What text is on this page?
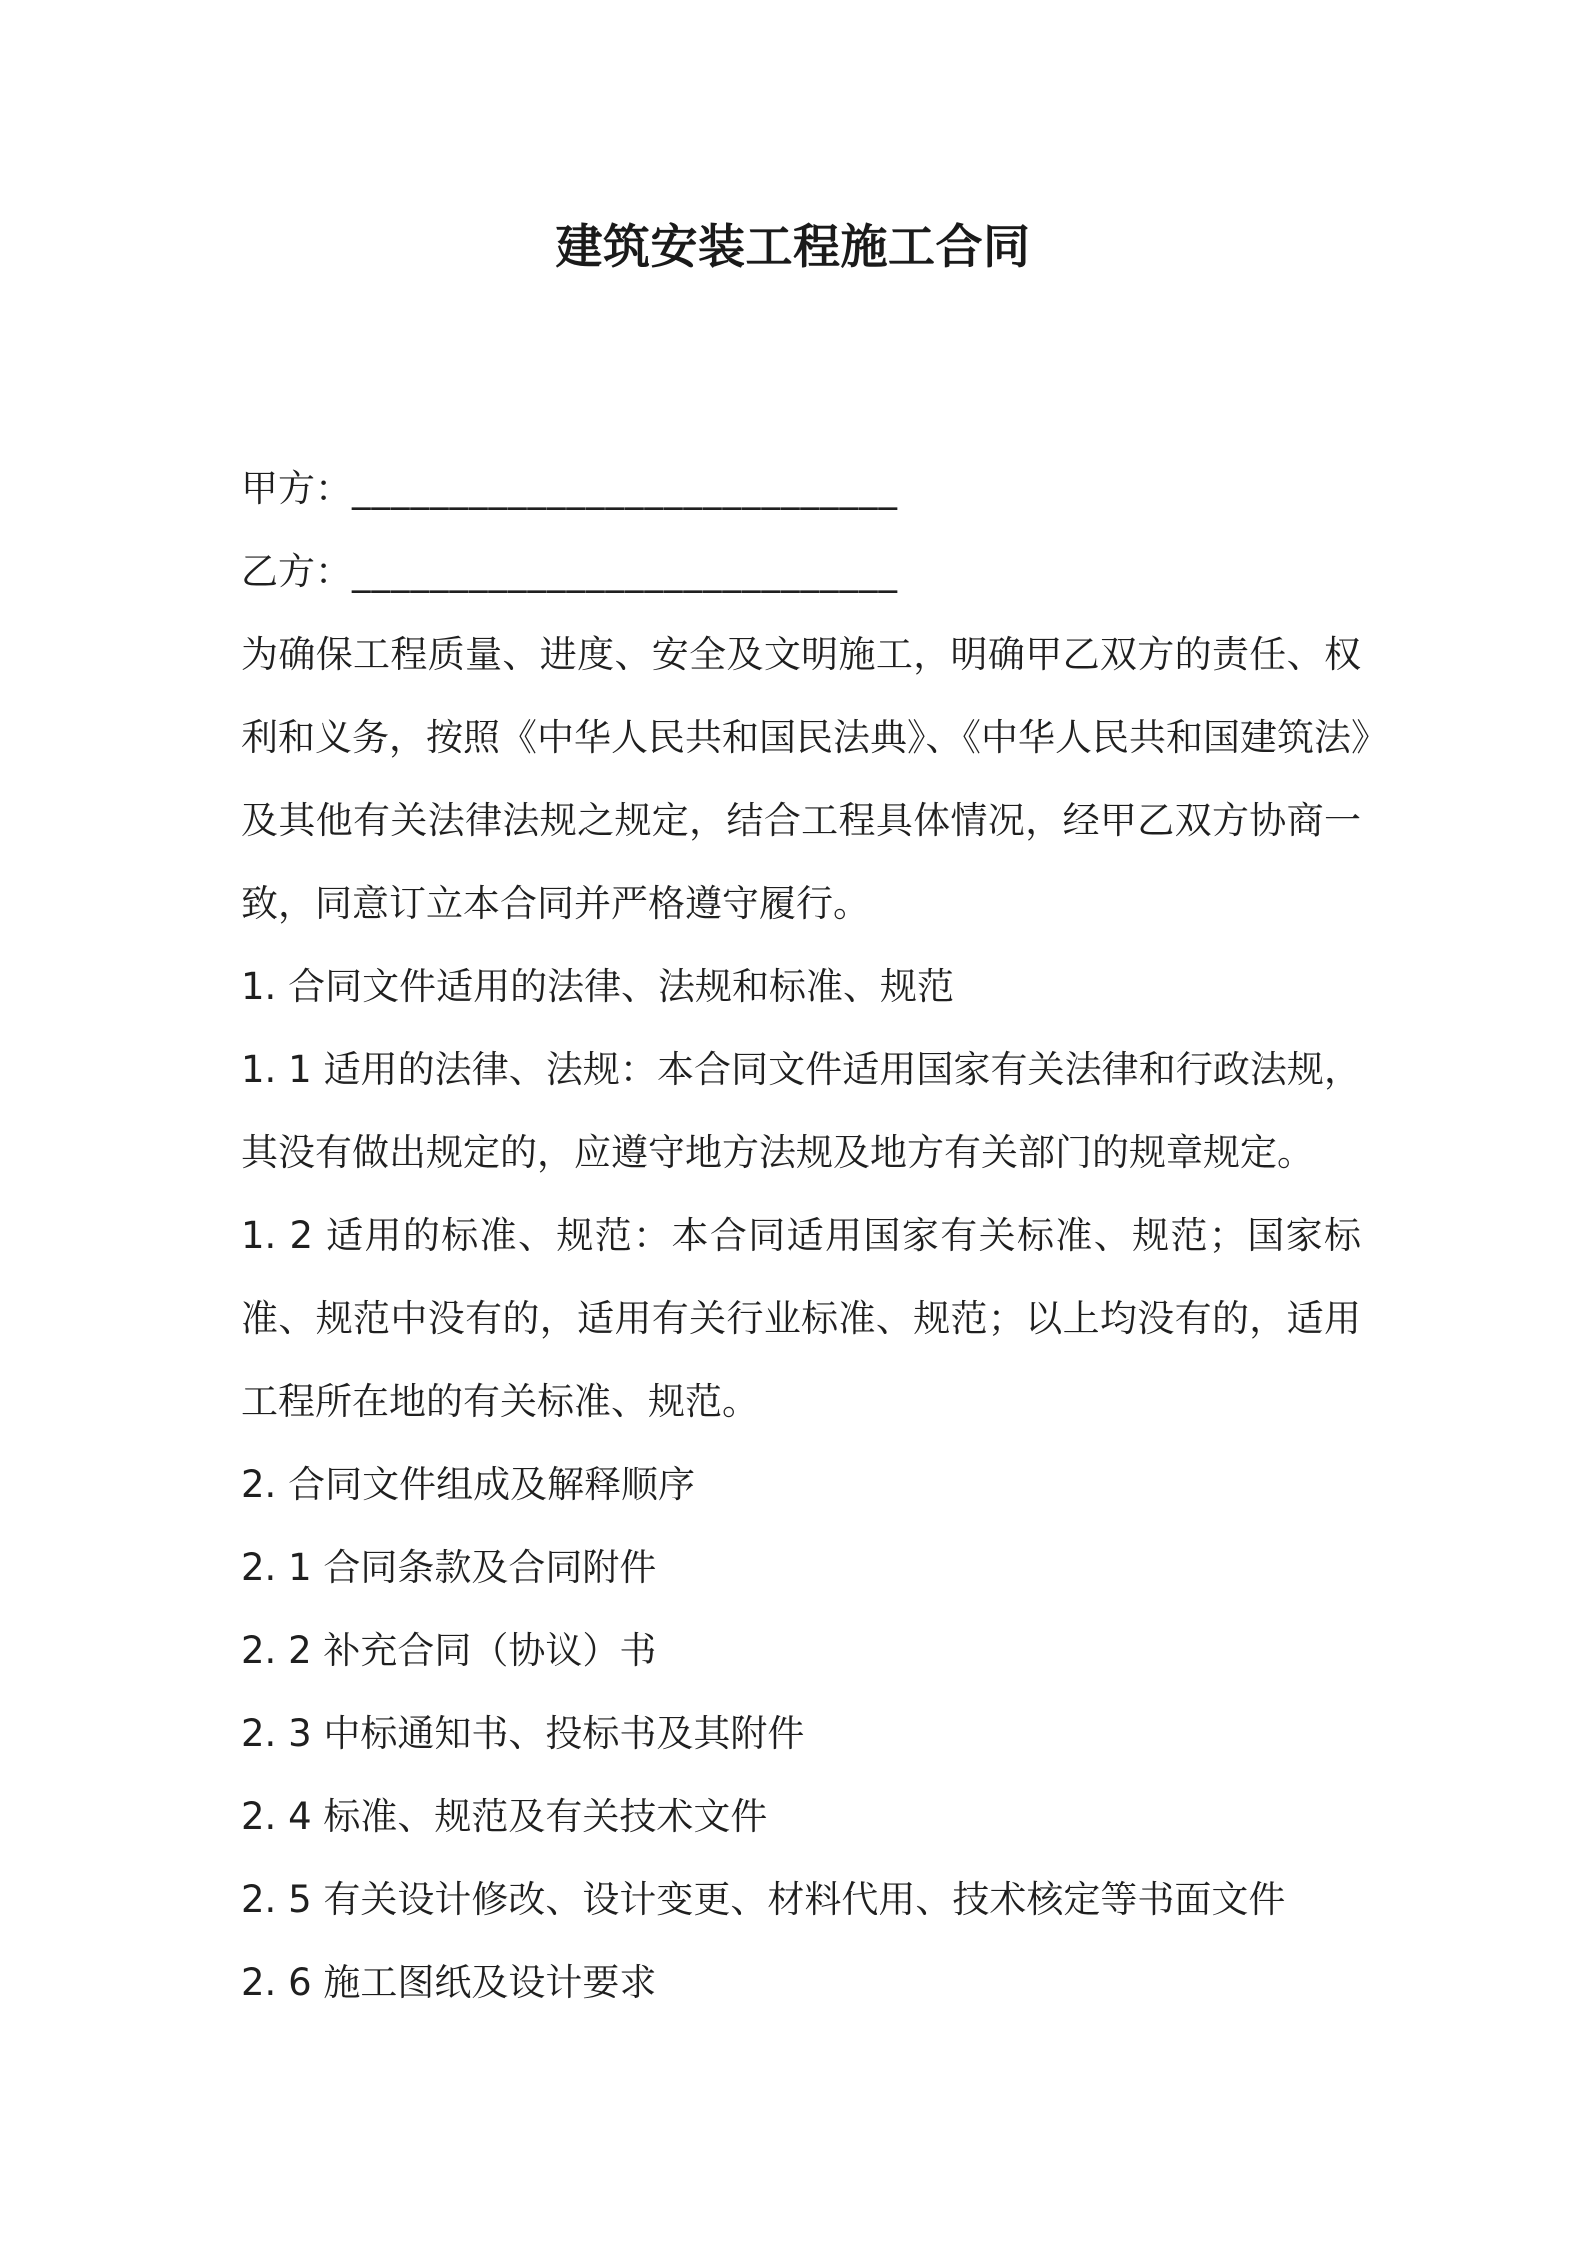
建筑安装工程施工合同
甲方：____________________________
乙方：____________________________
为确保工程质量、进度、安全及文明施工，明确甲乙双方的责任、权
利和义务，按照《中华人民共和国民法典》、《中华人民共和国建筑法》
及其他有关法律法规之规定，结合工程具体情况，经甲乙双方协商一
致，同意订立本合同并严格遵守履行。
1. 合同文件适用的法律、法规和标准、规范
1. 1 适用的法律、法规：本合同文件适用国家有关法律和行政法规，
其没有做出规定的，应遵守地方法规及地方有关部门的规章规定。
1. 2 适用的标准、规范：本合同适用国家有关标准、规范；国家标
准、规范中没有的，适用有关行业标准、规范；以上均没有的，适用
工程所在地的有关标准、规范。
2. 合同文件组成及解释顺序
2. 1 合同条款及合同附件
2. 2 补充合同（协议）书
2. 3 中标通知书、投标书及其附件
2. 4 标准、规范及有关技术文件
2. 5 有关设计修改、设计变更、材料代用、技术核定等书面文件
2. 6 施工图纸及设计要求
